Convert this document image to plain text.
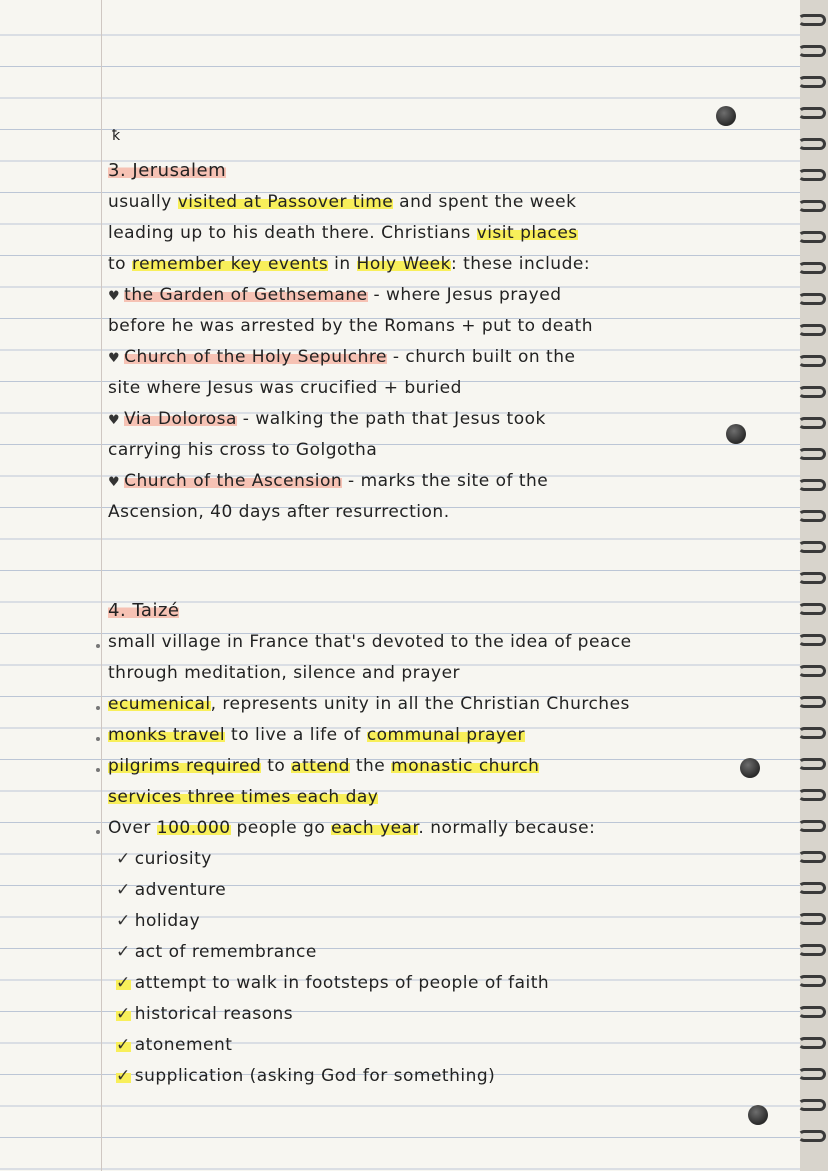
ꝁ
3. Jerusalem
usually visited at Passover time and spent the week
leading up to his death there. Christians visit places
to remember key events in Holy Week: these include:
♥ the Garden of Gethsemane - where Jesus prayed
before he was arrested by the Romans + put to death
♥ Church of the Holy Sepulchre - church built on the
site where Jesus was crucified + buried
♥ Via Dolorosa - walking the path that Jesus took
carrying his cross to Golgotha
♥ Church of the Ascension - marks the site of the
Ascension, 40 days after resurrection.
4. Taizé
small village in France that's devoted to the idea of peace
through meditation, silence and prayer
ecumenical, represents unity in all the Christian Churches
monks travel to live a life of communal prayer
pilgrims required to attend the monastic church
services three times each day
Over 100.000 people go each year. normally because:
✓ curiosity
✓ adventure
✓ holiday
✓ act of remembrance
✓ attempt to walk in footsteps of people of faith
✓ historical reasons
✓ atonement
✓ supplication (asking God for something)
